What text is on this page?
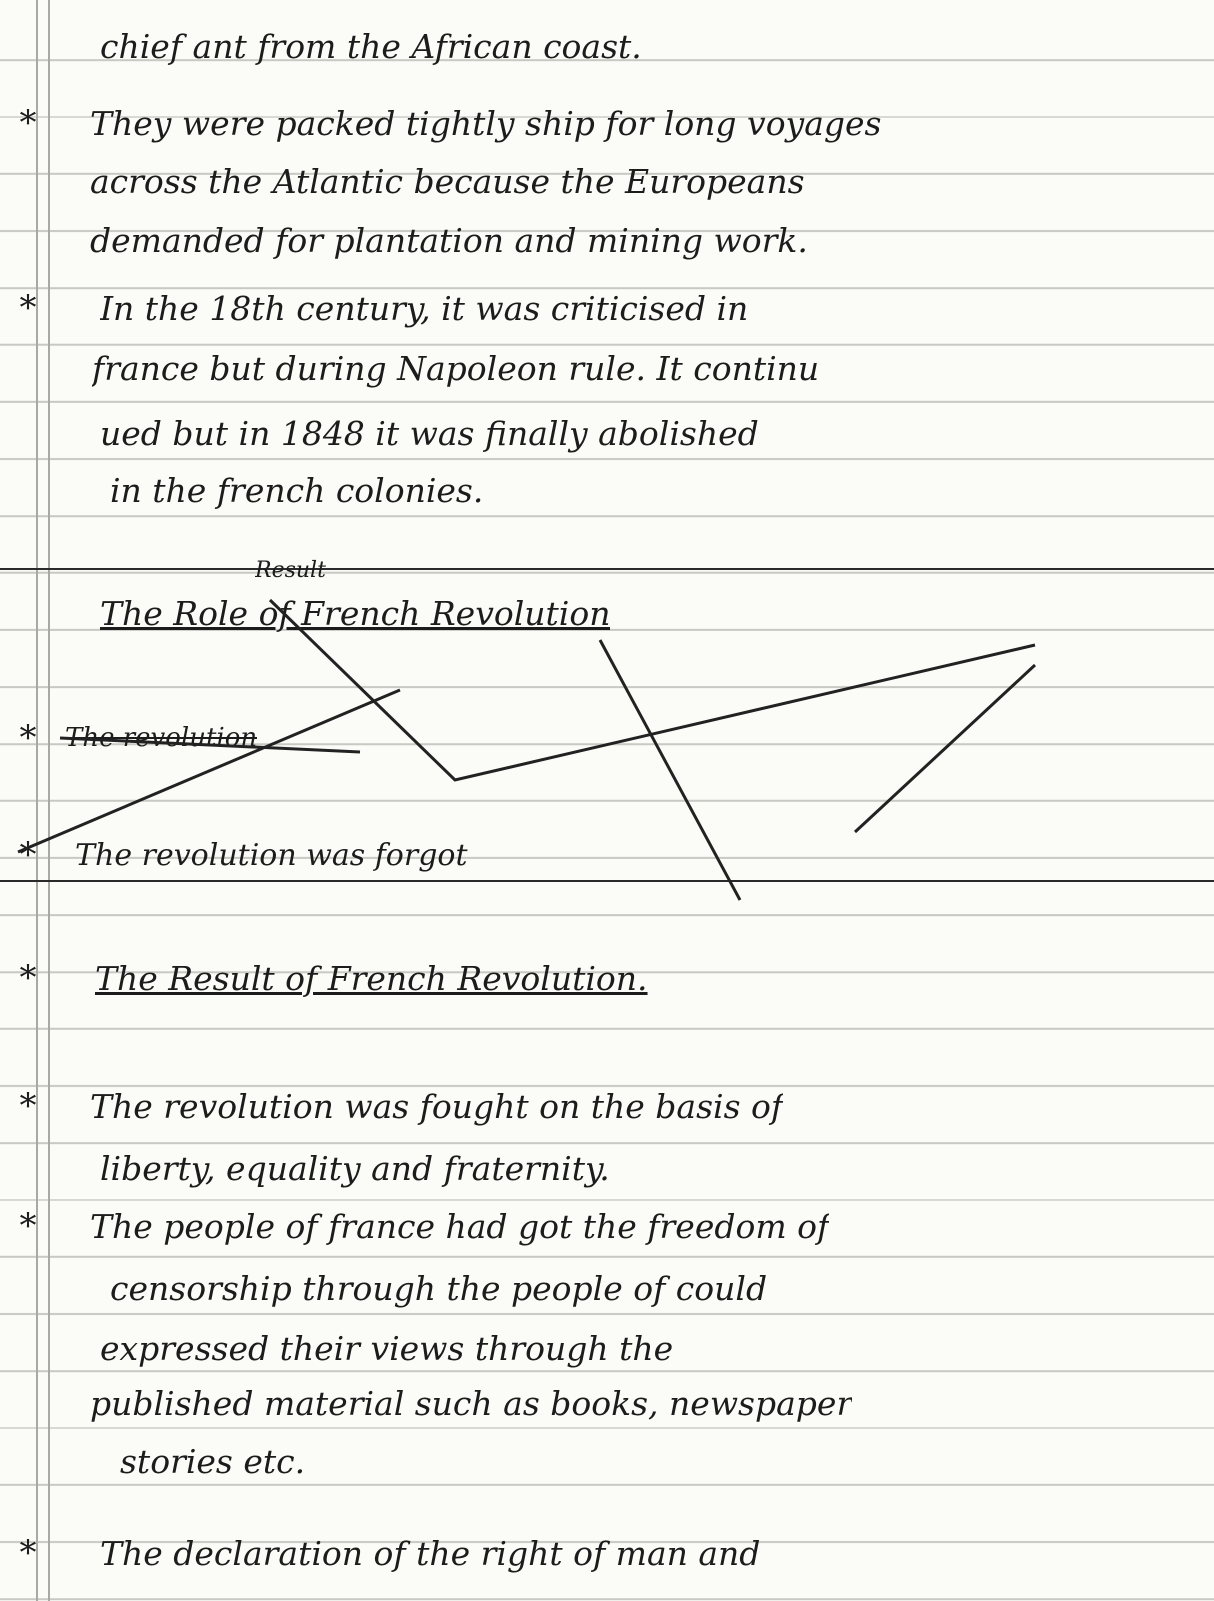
chief ant from the African coast.
*	They were packed tightly ship for long voyages
across the Atlantic because the Europeans
demanded for plantation and mining work.
*	In the 18th century, it was criticised in
france but during Napoleon rule. It continu
ued but in 1848 it was finally abolished
in the french colonies.
Result
The Role of French Revolution
*	The revolution
*	The revolution was forgot
*	The Result of French Revolution.
*	The revolution was fought on the basis of
liberty, equality and fraternity.
*	The people of france had got the freedom of
censorship through the people of could
expressed their views through the
published material such as books, newspaper
stories etc.
*	The declaration of the right of man and
